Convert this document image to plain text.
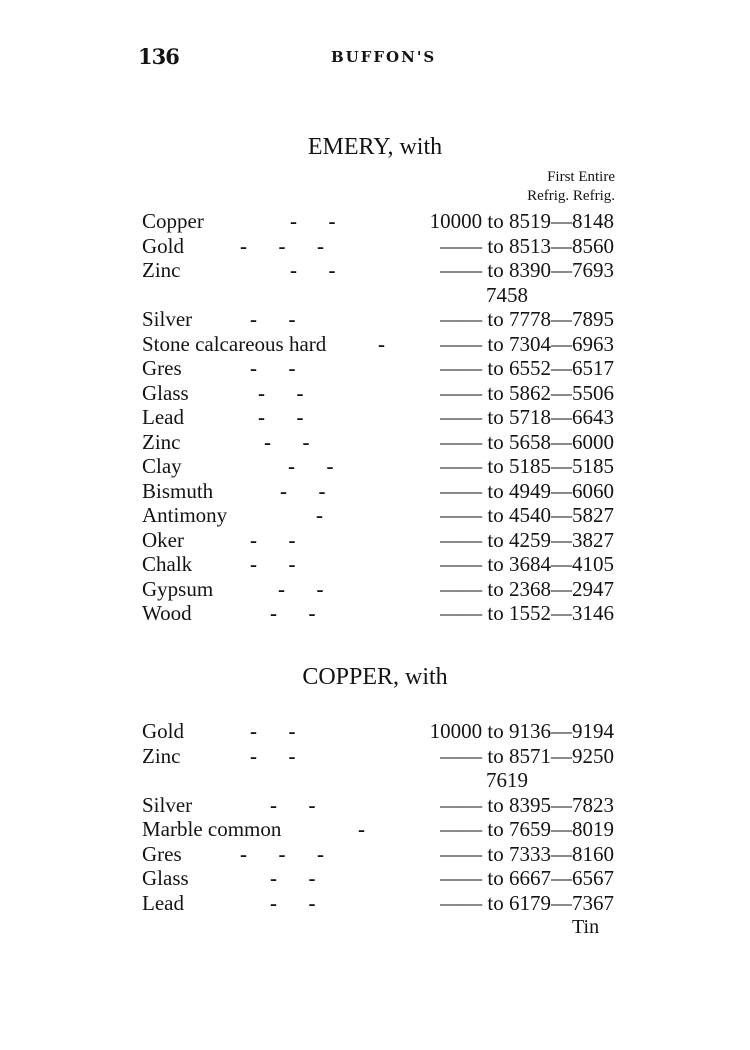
136	BUFFON'S
EMERY, with
First Entire
Refrig. Refrig.
Copper	-      -	10000 to 8519—8148
Gold	-      -      -	—— to 8513—8560
Zinc	-      -	—— to 8390—7693
7458
Silver	-      -	—— to 7778—7895
Stone calcareous hard -	—— to 7304—6963
Gres	-      -	—— to 6552—6517
Glass	-      -	—— to 5862—5506
Lead	-      -	—— to 5718—6643
Zinc	-      -	—— to 5658—6000
Clay	-      -	—— to 5185—5185
Bismuth	-      -	—— to 4949—6060
Antimony	-	—— to 4540—5827
Oker	-      -	—— to 4259—3827
Chalk	-      -	—— to 3684—4105
Gypsum	-      -	—— to 2368—2947
Wood	-      -	—— to 1552—3146
COPPER, with
Gold	-      -	10000 to 9136—9194
Zinc	-      -	—— to 8571—9250
7619
Silver	-      -	—— to 8395—7823
Marble common	-	—— to 7659—8019
Gres	-      -      -	—— to 7333—8160
Glass	-      -	—— to 6667—6567
Lead	-      -	—— to 6179—7367
Tin
